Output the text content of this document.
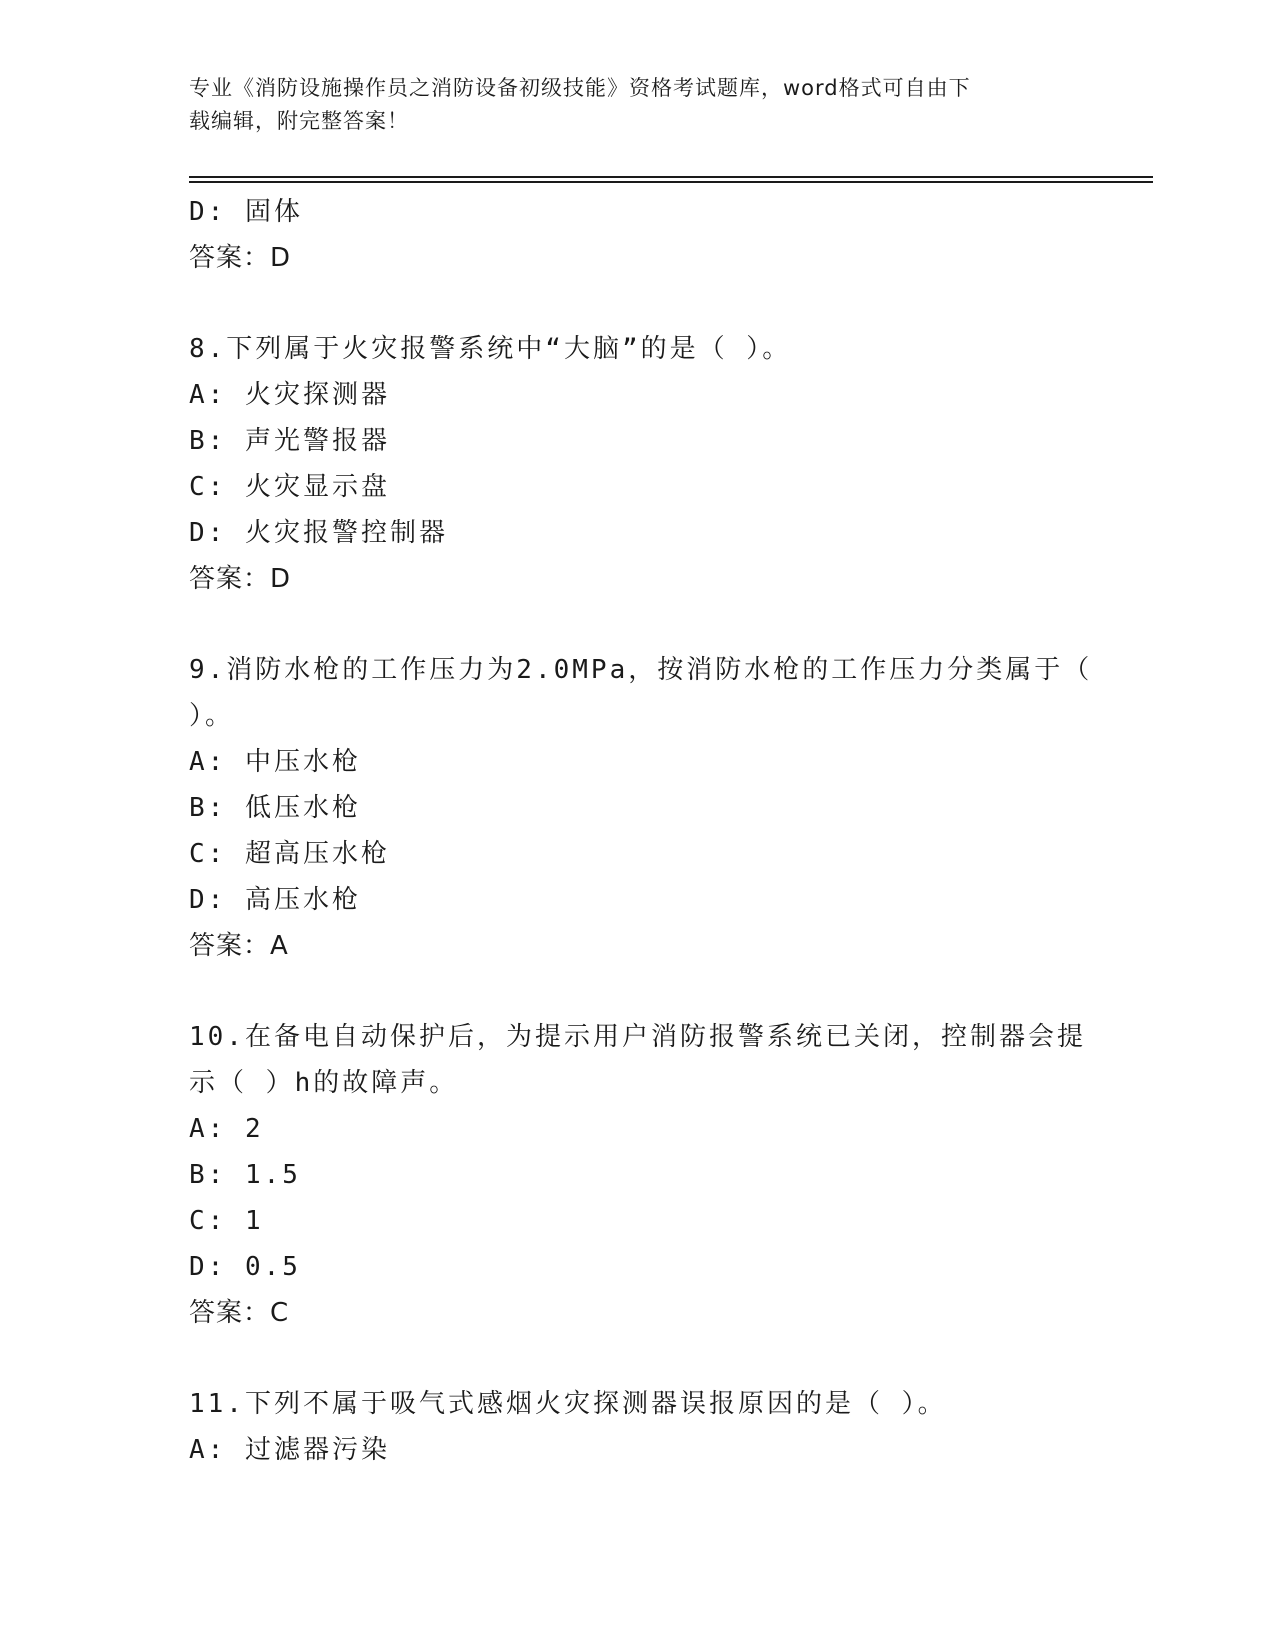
专业《消防设施操作员之消防设备初级技能》资格考试题库，word格式可自由下
载编辑，附完整答案！
D: 固体
答案：D
8.下列属于火灾报警系统中“大脑”的是（ ）。
A: 火灾探测器
B: 声光警报器
C: 火灾显示盘
D: 火灾报警控制器
答案：D
9.消防水枪的工作压力为2.0MPa，按消防水枪的工作压力分类属于（
）。
A: 中压水枪
B: 低压水枪
C: 超高压水枪
D: 高压水枪
答案：A
10.在备电自动保护后，为提示用户消防报警系统已关闭，控制器会提
示（ ）h的故障声。
A: 2
B: 1.5
C: 1
D: 0.5
答案：C
11.下列不属于吸气式感烟火灾探测器误报原因的是（ ）。
A: 过滤器污染
